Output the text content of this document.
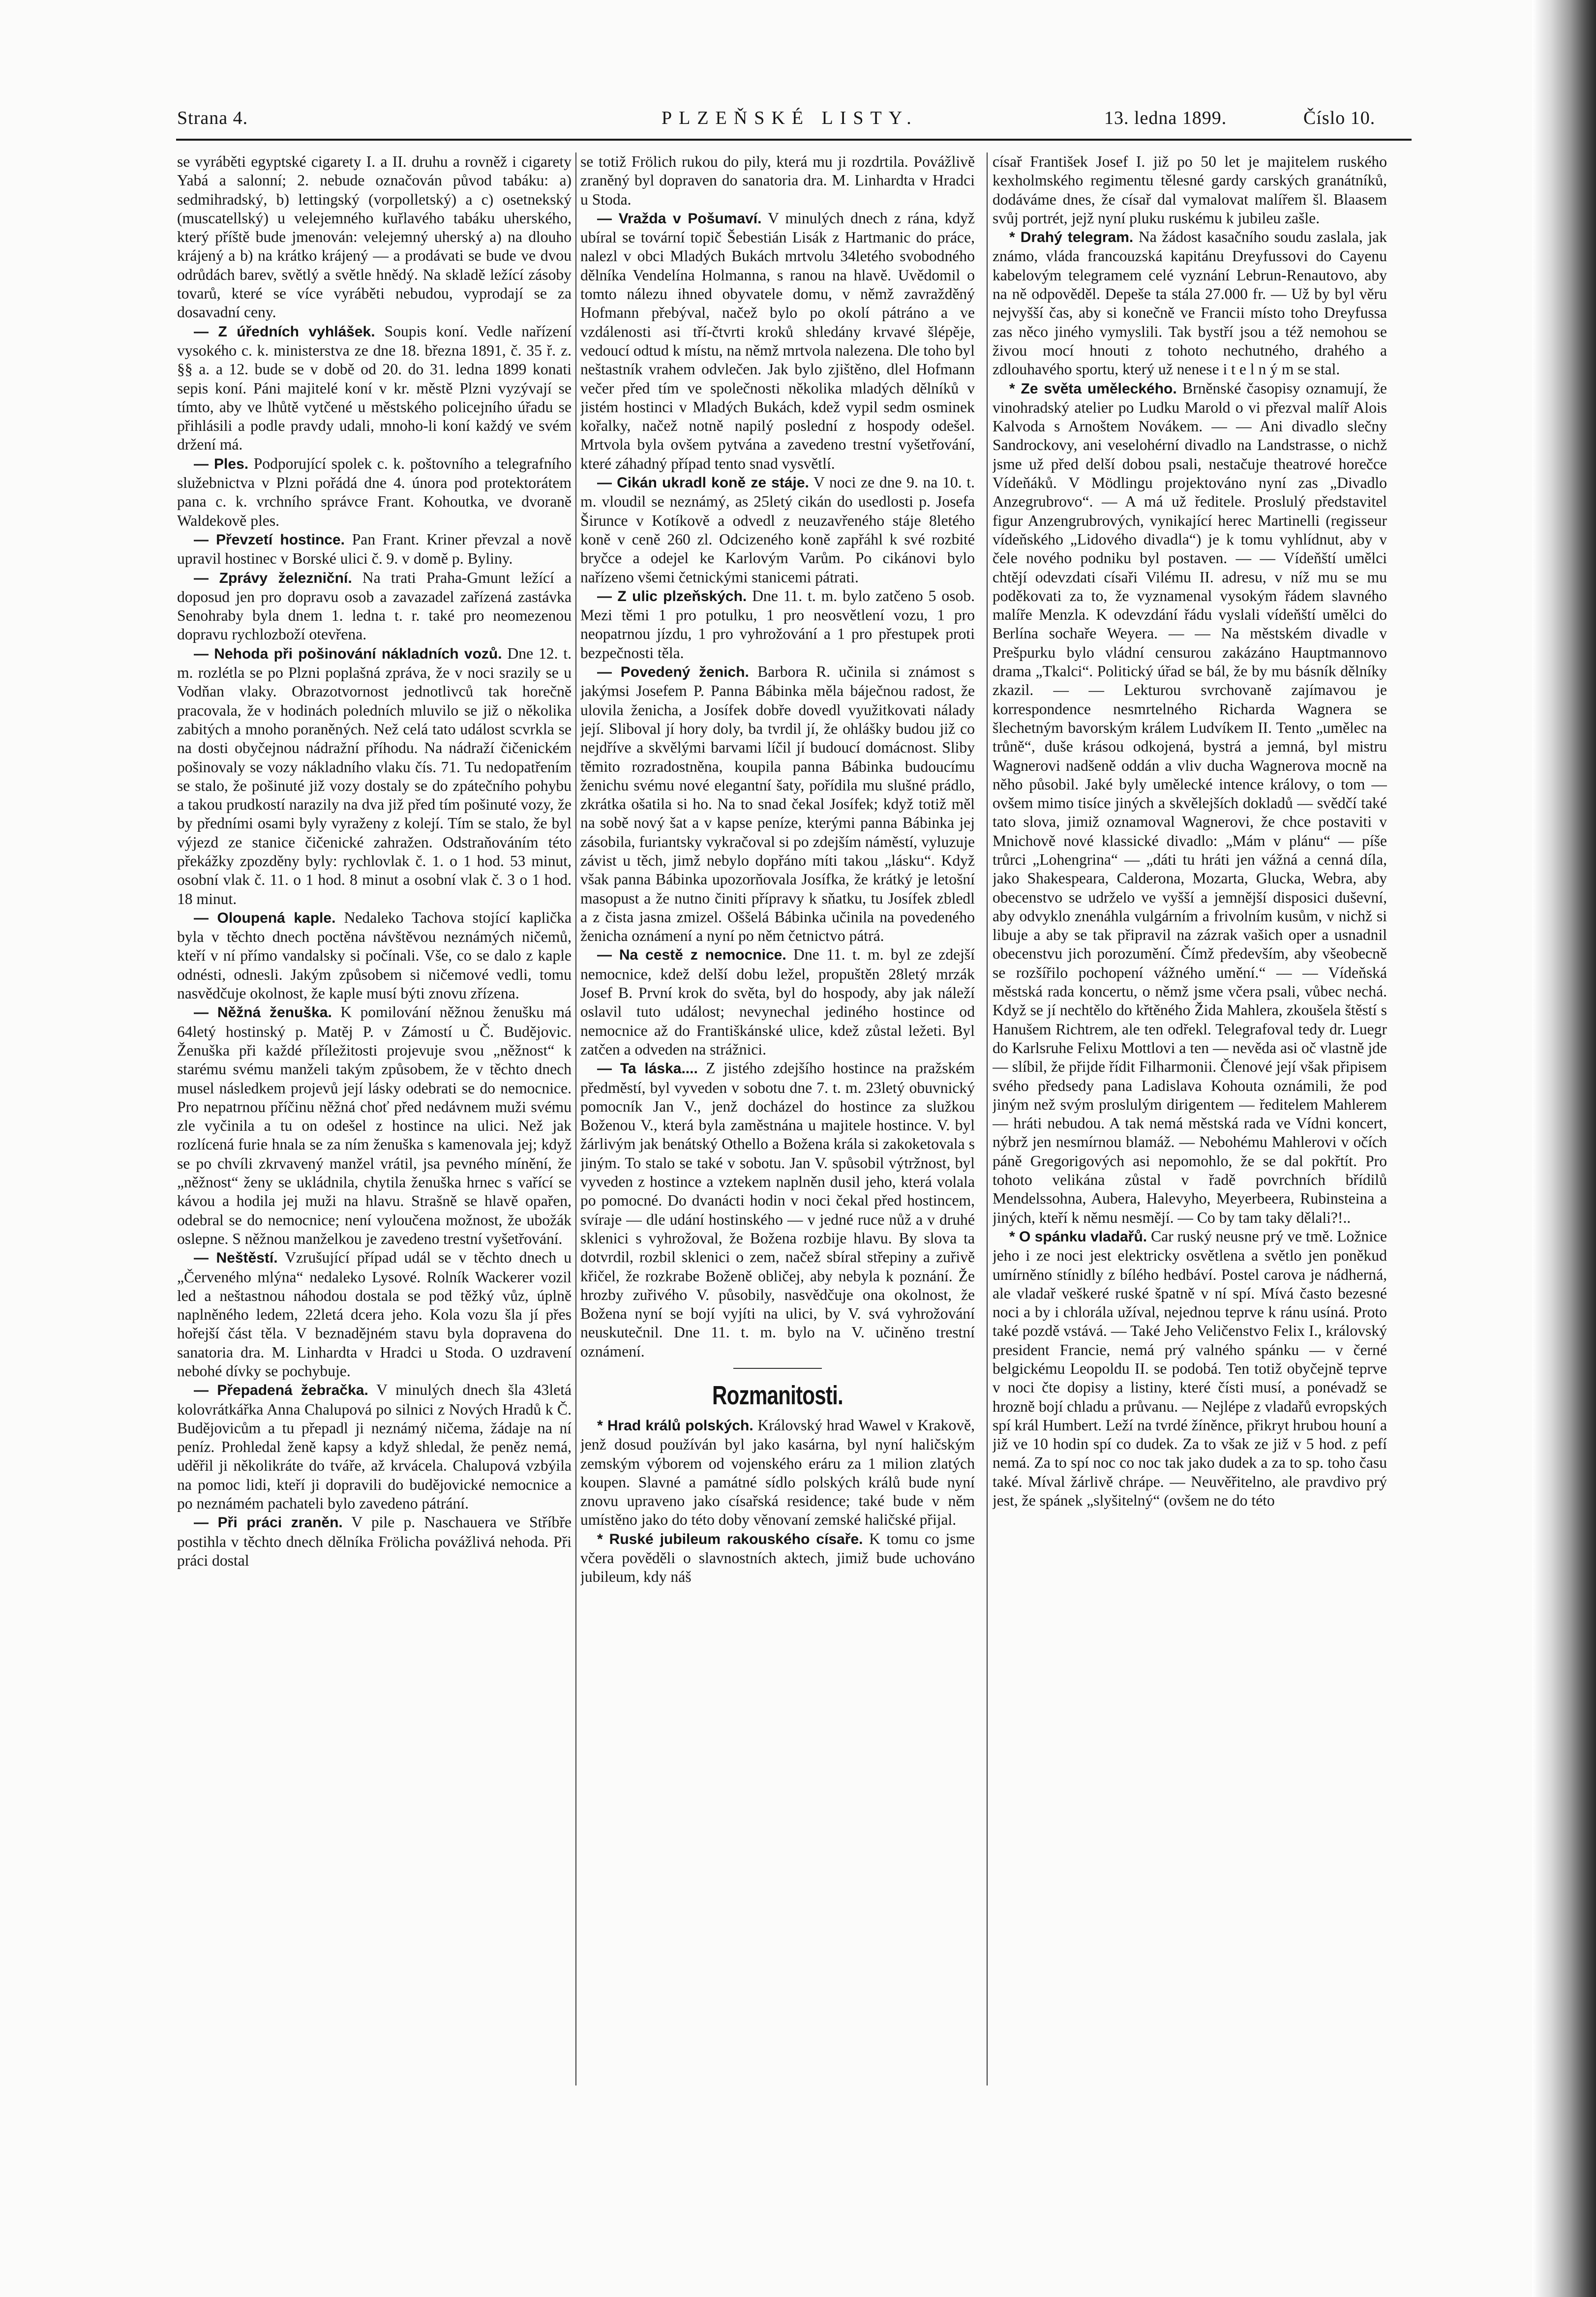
Strana 4.	PLZEŇSKÉ LISTY.	13. ledna 1899.	Číslo 10.

se vyráběti egyptské cigarety I. a II. druhu a rovněž i cigarety Yabá a salonní; 2. nebude označován původ tabáku: a) sedmihradský, b) lettingský (vorpolletský) a c) osetnekský (muscatellský) u velejemného kuřlavého tabáku uherského, který příště bude jmenován: velejemný uherský a) na dlouho krájený a b) na krátko krájený — a prodávati se bude ve dvou odrůdách barev, světlý a světle hnědý. Na skladě ležící zásoby tovarů, které se více vyráběti nebudou, vyprodají se za dosavadní ceny.

— Z úředních vyhlášek. Soupis koní. Vedle nařízení vysokého c. k. ministerstva ze dne 18. března 1891, č. 35 ř. z. §§ a. a 12. bude se v době od 20. do 31. ledna 1899 konati sepis koní. Páni majitelé koní v kr. městě Plzni vyzývají se tímto, aby ve lhůtě vytčené u městského policejního úřadu se přihlásili a podle pravdy udali, mnoho-li koní každý ve svém držení má.

— Ples. Podporující spolek c. k. poštovního a telegrafního služebnictva v Plzni pořádá dne 4. února pod protektorátem pana c. k. vrchního správce Frant. Kohoutka, ve dvoraně Waldekově ples.

— Převzetí hostince. Pan Frant. Kriner převzal a nově upravil hostinec v Borské ulici č. 9. v domě p. Byliny.

— Zprávy železniční. Na trati Praha-Gmunt ležící a doposud jen pro dopravu osob a zavazadel zařízená zastávka Senohraby byla dnem 1. ledna t. r. také pro neomezenou dopravu rychlozboží otevřena.

— Nehoda při pošinování nákladních vozů. Dne 12. t. m. rozlétla se po Plzni poplašná zpráva, že v noci srazily se u Vodňan vlaky. Obrazotvornost jednotlivců tak horečně pracovala, že v hodinách poledních mluvilo se již o několika zabitých a mnoho poraněných. Než celá tato událost scvrkla se na dosti obyčejnou nádražní příhodu. Na nádraží čičenickém pošinovaly se vozy nákladního vlaku čís. 71. Tu nedopatřením se stalo, že pošinuté již vozy dostaly se do zpátečního pohybu a takou prudkostí narazily na dva již před tím pošinuté vozy, že by předními osami byly vyraženy z kolejí. Tím se stalo, že byl výjezd ze stanice čičenické zahražen. Odstraňováním této překážky zpozděny byly: rychlovlak č. 1. o 1 hod. 53 minut, osobní vlak č. 11. o 1 hod. 8 minut a osobní vlak č. 3 o 1 hod. 18 minut.

— Oloupená kaple. Nedaleko Tachova stojící kaplička byla v těchto dnech poctěna návštěvou neznámých ničemů, kteří v ní přímo vandalsky si počínali. Vše, co se dalo z kaple odnésti, odnesli. Jakým způsobem si ničemové vedli, tomu nasvědčuje okolnost, že kaple musí býti znovu zřízena.

— Něžná ženuška. K pomilování něžnou ženušku má 64letý hostinský p. Matěj P. v Zámostí u Č. Budějovic. Ženuška při každé příležitosti projevuje svou „něžnost“ k starému svému manželi takým způsobem, že v těchto dnech musel následkem projevů její lásky odebrati se do nemocnice. Pro nepatrnou příčinu něžná choť před nedávnem muži svému zle vyčinila a tu on odešel z hostince na ulici. Než jak rozlícená furie hnala se za ním ženuška s kamenovala jej; když se po chvíli zkrvavený manžel vrátil, jsa pevného mínění, že „něžnost“ ženy se ukládnila, chytila ženuška hrnec s vařící se kávou a hodila jej muži na hlavu. Strašně se hlavě opařen, odebral se do nemocnice; není vyloučena možnost, že ubožák oslepne. S něžnou manželkou je zavedeno trestní vyšetřování.

— Neštěstí. Vzrušující případ udál se v těchto dnech u „Červeného mlýna“ nedaleko Lysové. Rolník Wackerer vozil led a neštastnou náhodou dostala se pod těžký vůz, úplně naplněného ledem, 22letá dcera jeho. Kola vozu šla jí přes hořejší část těla. V beznadějném stavu byla dopravena do sanatoria dra. M. Linhardta v Hradci u Stoda. O uzdravení nebohé dívky se pochybuje.

— Přepadená žebračka. V minulých dnech šla 43letá kolovrátkářka Anna Chalupová po silnici z Nových Hradů k Č. Budějovicům a tu přepadl ji neznámý ničema, žádaje na ní peníz. Prohledal ženě kapsy a když shledal, že peněz nemá, uděřil ji několikráte do tváře, až krvácela. Chalupová vzbýila na pomoc lidi, kteří ji dopravili do budějovické nemocnice a po neznámém pachateli bylo zavedeno pátrání.

— Při práci zraněn. V pile p. Naschauera ve Stříbře postihla v těchto dnech dělníka Frölicha povážlivá nehoda. Při práci dostal

se totiž Frölich rukou do pily, která mu ji rozdrtila. Povážlivě zraněný byl dopraven do sanatoria dra. M. Linhardta v Hradci u Stoda.

— Vražda v Pošumaví. V minulých dnech z rána, když ubíral se tovární topič Šebestián Lisák z Hartmanic do práce, nalezl v obci Mladých Bukách mrtvolu 34letého svobodného dělníka Vendelína Holmanna, s ranou na hlavě. Uvědomil o tomto nálezu ihned obyvatele domu, v němž zavražděný Hofmann přebýval, načež bylo po okolí pátráno a ve vzdálenosti asi tří-čtvrti kroků shledány krvavé šlépěje, vedoucí odtud k místu, na němž mrtvola nalezena. Dle toho byl neštastník vrahem odvlečen. Jak bylo zjištěno, dlel Hofmann večer před tím ve společnosti několika mladých dělníků v jistém hostinci v Mladých Bukách, kdež vypil sedm osminek kořalky, načež notně napilý poslední z hospody odešel. Mrtvola byla ovšem pytvána a zavedeno trestní vyšetřování, které záhadný případ tento snad vysvětlí.

— Cikán ukradl koně ze stáje. V noci ze dne 9. na 10. t. m. vloudil se neznámý, as 25letý cikán do usedlosti p. Josefa Širuncе v Kotíkově a odvedl z neuzavřeného stáje 8letého koně v ceně 260 zl. Odcizeného koně zapřáhl k své rozbité bryčce a odejel ke Karlovým Varům. Po cikánovi bylo nařízeno všemi četnickými stanicemi pátrati.

— Z ulic plzeňských. Dne 11. t. m. bylo zatčeno 5 osob. Mezi těmi 1 pro potulku, 1 pro neosvětlení vozu, 1 pro neopatrnou jízdu, 1 pro vyhrožování a 1 pro přestupek proti bezpečnosti těla.

— Povedený ženich. Barbora R. učinila si známost s jakýmsi Josefem P. Panna Bábinka měla báječnou radost, že ulovila ženicha, a Josífek dobře dovedl využitkovati nálady její. Sliboval jí hory doly, ba tvrdil jí, že ohlášky budou již co nejdříve a skvělými barvami líčil jí budoucí domácnost. Sliby těmito rozradostněna, koupila panna Bábinka budoucímu ženichu svému nové elegantní šaty, pořídila mu slušné prádlo, zkrátka ošatila si ho. Na to snad čekal Josífek; když totiž měl na sobě nový šat a v kapse peníze, kterými panna Bábinka jej zásobila, furiantsky vykračoval si po zdejším náměstí, vyluzuje závist u těch, jimž nebylo dopřáno míti takou „lásku“. Když však panna Bábinka upozorňovala Josífka, že krátký je letošní masopust a že nutno činiti přípravy k sňatku, tu Josífek zbledl a z čista jasna zmizel. Oššelá Bábinka učinila na povedeného ženicha oznámení a nyní po něm četnictvo pátrá.

— Na cestě z nemocnice. Dne 11. t. m. byl ze zdejší nemocnice, kdež delší dobu ležel, propuštěn 28letý mrzák Josef B. První krok do světa, byl do hospody, aby jak náleží oslavil tuto událost; nevynechal jediného hostince od nemocnice až do Františkánské ulice, kdež zůstal ležeti. Byl zatčen a odveden na strážnici.

— Ta láska.... Z jistého zdejšího hostince na pražském předměstí, byl vyveden v sobotu dne 7. t. m. 23letý obuvnický pomocník Jan V., jenž docházel do hostince za služkou Boženou V., která byla zaměstnána u majitele hostince. V. byl žárlivým jak benátský Othello a Božena krála si zakoketovala s jiným. To stalo se také v sobotu. Jan V. spůsobil výtržnost, byl vyveden z hostince a vztekem naplněn dusil jeho, která volala po pomocné. Do dvanácti hodin v noci čekal před hostincem, svíraje — dle udání hostinského — v jedné ruce nůž a v druhé sklenici s vyhrožoval, že Božena rozbije hlavu. By slova ta dotvrdil, rozbil sklenici o zem, načež sbíral střepiny a zuřivě křičel, že rozkrabe Boženě obličej, aby nebyla k poznání. Že hrozby zuřivého V. působily, nasvědčuje ona okolnost, že Božena nyní se bojí vyjíti na ulici, by V. svá vyhrožování neuskutečnil. Dne 11. t. m. bylo na V. učiněno trestní oznámení.

Rozmanitosti.

* Hrad králů polských. Královský hrad Wawel v Krakově, jenž dosud používán byl jako kasárna, byl nyní haličským zemským výborem od vojenského eráru za 1 milion zlatých koupen. Slavné a památné sídlo polských králů bude nyní znovu upraveno jako císařská residence; také bude v něm umístěno jako do této doby věnovaní zemské haličské přijal.

* Ruské jubileum rakouského císaře. K tomu co jsme včera pověděli o slavnostních aktech, jimiž bude uchováno jubileum, kdy náš

císař František Josef I. již po 50 let je majitelem ruského kexholmského regimentu tělesné gardy carských granátníků, dodáváme dnes, že císař dal vymalovat malířem šl. Blaasem svůj portrét, jejž nyní pluku ruskému k jubileu zašle.

* Drahý telegram. Na žádost kasačního soudu zaslala, jak známo, vláda francouzská kapitánu Dreyfussovi do Cayenu kabelovým telegramem celé vyznání Lebrun-Renautovo, aby na ně odpověděl. Depeše ta stála 27.000 fr. — Už by byl věru nejvyšší čas, aby si konečně ve Francii místo toho Dreyfussa zas něco jiného vymyslili. Tak bystří jsou a též nemohou se živou mocí hnouti z tohoto nechutného, drahého a zdlouhavého sportu, který už nenese i t e l n ý m se stal.

* Ze světa uměleckého. Brněnské časopisy oznamují, že vinohradský atelier po Ludku Marold o vi přezval malíř Alois Kalvoda s Arnoštem Novákem. — — Ani divadlo slečny Sandrockovy, ani veselohérní divadlo na Landstrasse, o nichž jsme už před delší dobou psali, nestačuje theatrové horečce Vídeňáků. V Mödlingu projektováno nyní zas „Divadlo Anzegrubrovo“. — A má už ředitele. Proslulý představitel figur Anzengrubrových, vynikající herec Martinelli (regisseur vídeňského „Lidového divadla“) je k tomu vyhlídnut, aby v čele nového podniku byl postaven. — — Vídeňští umělci chtějí odevzdati císaři Vilému II. adresu, v níž mu se mu poděkovati za to, že vyznamenal vysokým řádem slavného malíře Menzla. K odevzdání řádu vyslali vídeňští umělci do Berlína sochaře Weyera. — — Na městském divadle v Prešpurku bylo vládní censurou zakázáno Hauptmannovo drama „Tkalci“. Politický úřad se bál, že by mu básník dělníky zkazil. — — Lekturou svrchovaně zajímavou je korrespondence nesmrtelného Richarda Wagnera se šlechetným bavorským králem Ludvíkem II. Tento „umělec na trůně“, duše krásou odkojená, bystrá a jemná, byl mistru Wagnerovi nadšeně oddán a vliv ducha Wagnerova mocně na něho působil. Jaké byly umělecké intence královy, o tom — ovšem mimo tisíce jiných a skvělejších dokladů — svědčí také tato slova, jimiž oznamoval Wagnerovi, že chce postaviti v Mnichově nové klassické divadlo: „Mám v plánu“ — píše trůrci „Lohengrina“ — „dáti tu hráti jen vážná a cenná díla, jako Shakespeara, Calderona, Mozarta, Glucka, Webra, aby obecenstvo se udrželo ve vyšší a jemnější disposici duševní, aby odvyklo znenáhla vulgárním a frivolním kusům, v nichž si libuje a aby se tak připravil na zázrak vašich oper a usnadnil obecenstvu jich porozumění. Čímž především, aby všeobecně se rozšířilo pochopení vážného umění.“ — — Vídeňská městská rada koncertu, o němž jsme včera psali, vůbec nechá. Když se jí nechtělo do křtěného Žida Mahlera, zkoušela štěstí s Hanušem Richtrem, ale ten odřekl. Telegrafoval tedy dr. Luegr do Karlsruhe Felixu Mottlovi a ten — nevěda asi oč vlastně jde — slíbil, že přijde řídit Filharmonii. Členové její však připisem svého předsedy pana Ladislava Kohouta oznámili, že pod jiným než svým proslulým dirigentem — ředitelem Mahlerem — hráti nebudou. A tak nemá městská rada ve Vídni koncert, nýbrž jen nesmírnou blamáž. — Nebohému Mahlerovi v očích páně Gregorigových asi nepomohlo, že se dal pokřtít. Pro tohoto velikána zůstal v řadě povrchních břídilů Mendelssohna, Aubera, Halevyho, Meyerbeera, Rubinsteina a jiných, kteří k němu nesmějí. — Co by tam taky dělali?!..

* O spánku vladařů. Car ruský neusne prý ve tmě. Ložnice jeho i ze noci jest elektricky osvětlena a světlo jen poněkud umírněno stínidly z bílého hedbáví. Postel carova je nádherná, ale vladař veškeré ruské špatně v ní spí. Mívá často bezesné noci a by i chlorála užíval, nejednou teprve k ránu usíná. Proto také pozdě vstává. — Také Jeho Veličenstvo Felix I., královský president Francie, nemá prý valného spánku — v černé belgickému Leopoldu II. se podobá. Ten totiž obyčejně teprve v noci čte dopisy a listiny, které čísti musí, a ponévadž se hrozně bojí chladu a průvanu. — Nejlépe z vladařů evropských spí král Humbert. Leží na tvrdé žíněnce, přikryt hrubou houní a již ve 10 hodin spí co dudek. Za to však ze již v 5 hod. z pefí nemá. Za to spí noc co noc tak jako dudek a za to sp. toho času také. Míval žárlivě chrápe. — Neuvěřitelno, ale pravdivo prý jest, že spánek „slyšitelný“ (ovšem ne do této
